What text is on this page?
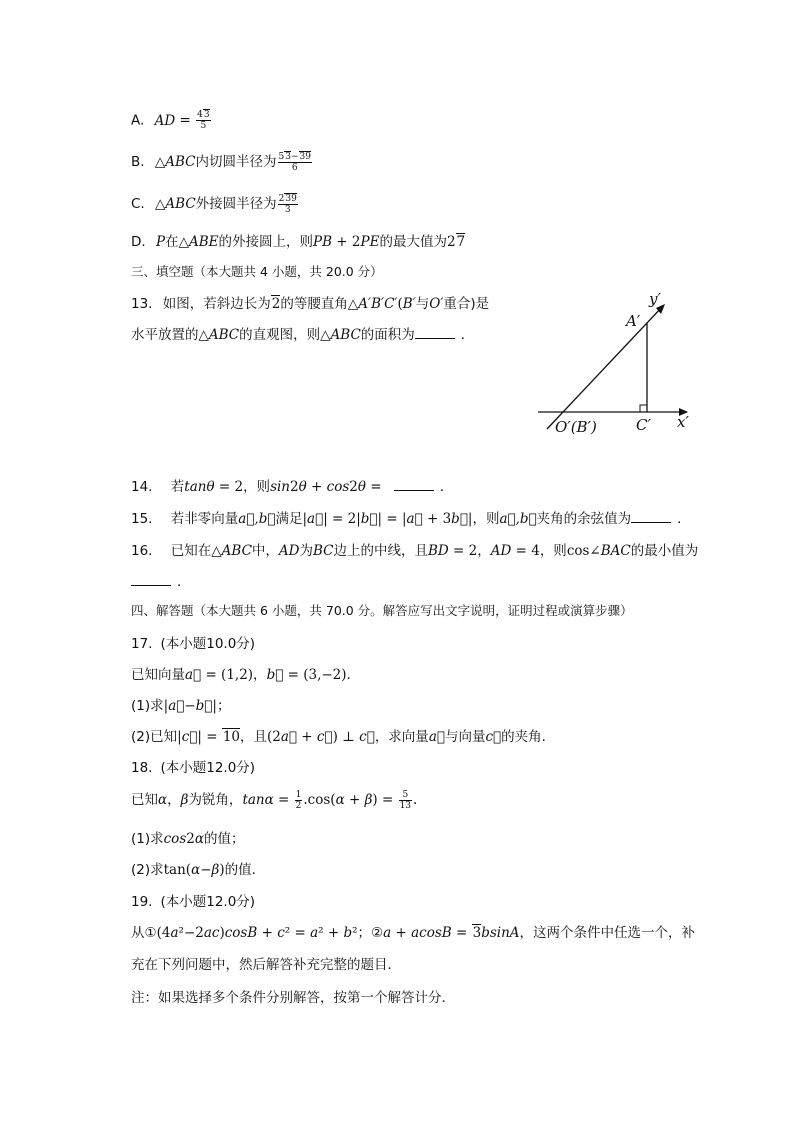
A. AD = $\frac{43}{5}$
B. △ABC内切圆半径为 $\frac{53-39}{6}$
C. △ABC外接圆半径为 $\frac{239}{3}$
D. P在△ABE的外接圆上，则PB + 2PE的最大值为27
三、填空题（本大题共 4 小题，共 20.0 分）
13. 如图，若斜边长为2的等腰直角△A′B′C′(B′与O′重合)是
水平放置的△ABC的直观图，则△ABC的面积为	．
y′
A′
C′ x′
O′(B′)
14. 若tanθ = 2，则sin2θ + cos2θ =	．
15. 若非零向量a⃗,b⃗满足|a⃗| = 2|b⃗| = |a⃗ + 3b⃗|，则a⃗,b⃗夹角的余弦值为	．
16. 已知在△ABC中，AD为BC边上的中线，且BD = 2，AD = 4，则cos∠BAC的最小值为
．
四、解答题（本大题共 6 小题，共 70.0 分。解答应写出文字说明，证明过程或演算步骤）
17. (本小题10.0分)
已知向量a⃗ = (1,2)，b⃗ = (3,−2)．
(1)求|a⃗−b⃗|；
(2)已知|c⃗| = 10，且(2a⃗ + c⃗) ⊥ c⃗，求向量a⃗与向量c⃗的夹角．
18. (本小题12.0分)
已知α，β为锐角，$\tan\alpha = \frac{1}{2} .\cos(\alpha + \beta) = \frac{5}{13}$ .
(1)求cos2α的值；
(2)求tan(α−β)的值．
19. (本小题12.0分)
从①(4a²−2ac)cosB + c² = a² + b²；②a + acosB = 3bsinA，这两个条件中任选一个，补
充在下列问题中，然后解答补充完整的题目．
注：如果选择多个条件分别解答，按第一个解答计分．
